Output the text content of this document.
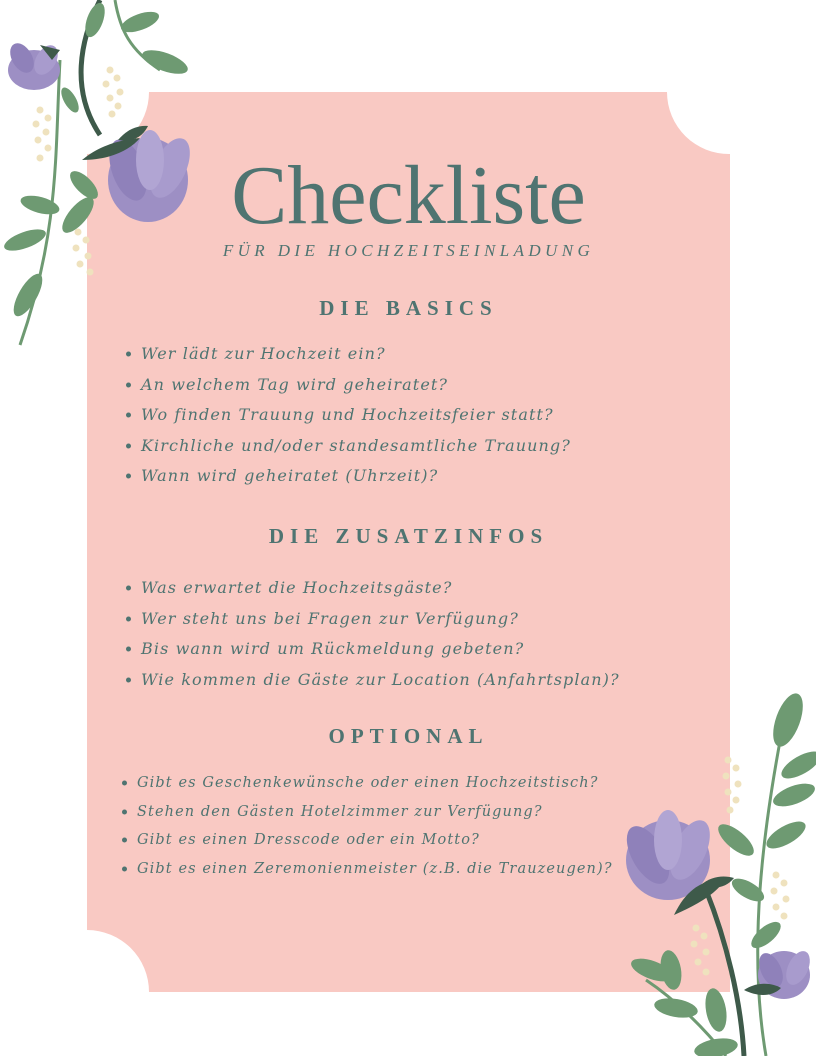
Checkliste
FÜR DIE HOCHZEITSEINLADUNG
DIE BASICS
Wer lädt zur Hochzeit ein?
An welchem Tag wird geheiratet?
Wo finden Trauung und Hochzeitsfeier statt?
Kirchliche und/oder standesamtliche Trauung?
Wann wird geheiratet (Uhrzeit)?
DIE ZUSATZINFOS
Was erwartet die Hochzeitsgäste?
Wer steht uns bei Fragen zur Verfügung?
Bis wann wird um Rückmeldung gebeten?
Wie kommen die Gäste zur Location (Anfahrtsplan)?
OPTIONAL
Gibt es Geschenkewünsche oder einen Hochzeitstisch?
Stehen den Gästen Hotelzimmer zur Verfügung?
Gibt es einen Dresscode oder ein Motto?
Gibt es einen Zeremonienmeister (z.B. die Trauzeugen)?
